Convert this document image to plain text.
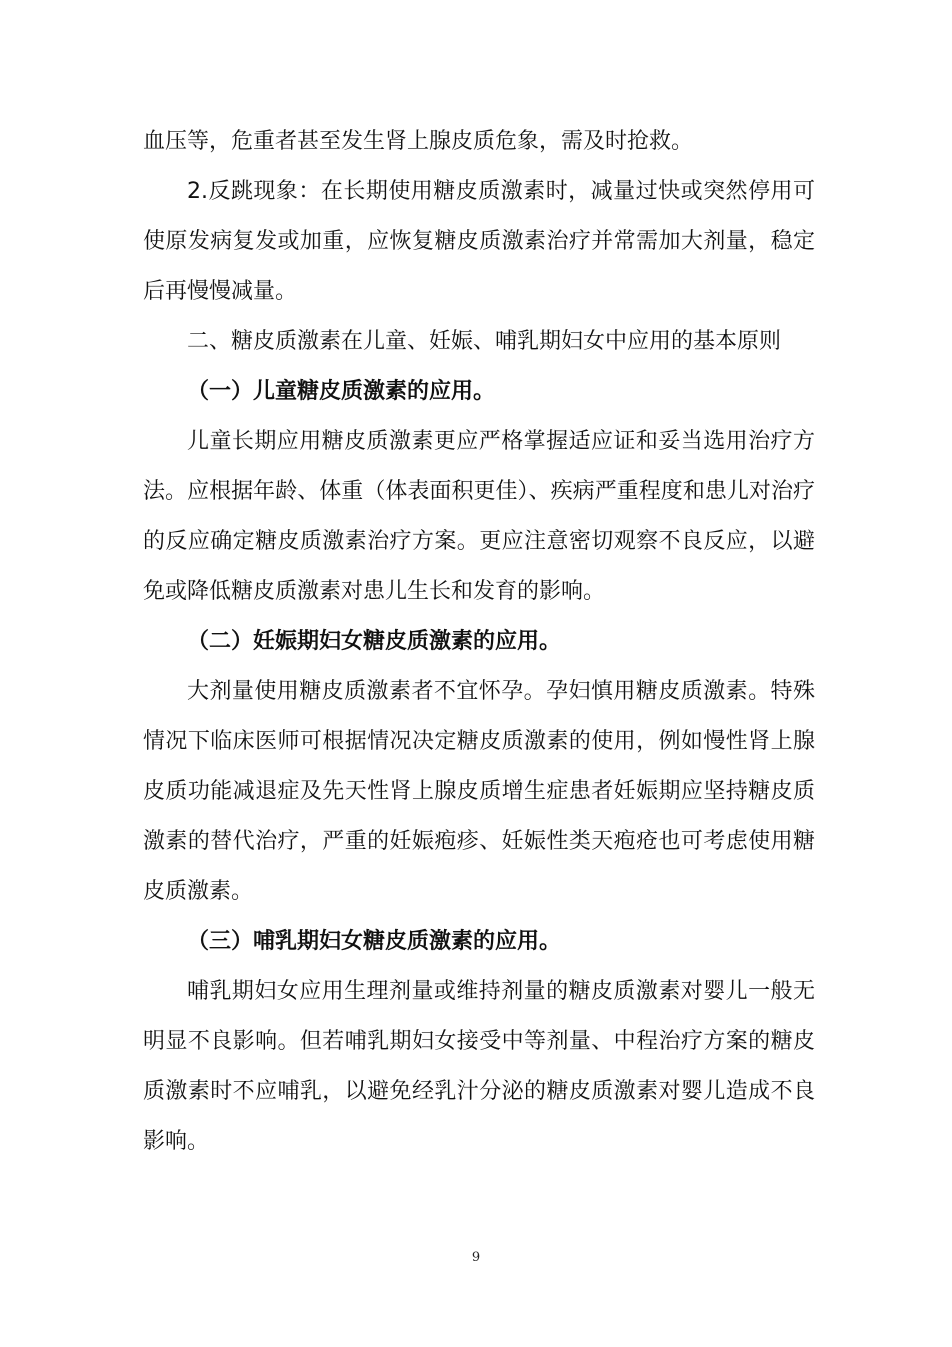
血压等，危重者甚至发生肾上腺皮质危象，需及时抢救。

2.反跳现象：在长期使用糖皮质激素时，减量过快或突然停用可使原发病复发或加重，应恢复糖皮质激素治疗并常需加大剂量，稳定后再慢慢减量。

二、糖皮质激素在儿童、妊娠、哺乳期妇女中应用的基本原则

（一）儿童糖皮质激素的应用。

儿童长期应用糖皮质激素更应严格掌握适应证和妥当选用治疗方法。应根据年龄、体重（体表面积更佳）、疾病严重程度和患儿对治疗的反应确定糖皮质激素治疗方案。更应注意密切观察不良反应，以避免或降低糖皮质激素对患儿生长和发育的影响。

（二）妊娠期妇女糖皮质激素的应用。

大剂量使用糖皮质激素者不宜怀孕。孕妇慎用糖皮质激素。特殊情况下临床医师可根据情况决定糖皮质激素的使用，例如慢性肾上腺皮质功能减退症及先天性肾上腺皮质增生症患者妊娠期应坚持糖皮质激素的替代治疗，严重的妊娠疱疹、妊娠性类天疱疮也可考虑使用糖皮质激素。

（三）哺乳期妇女糖皮质激素的应用。

哺乳期妇女应用生理剂量或维持剂量的糖皮质激素对婴儿一般无明显不良影响。但若哺乳期妇女接受中等剂量、中程治疗方案的糖皮质激素时不应哺乳，以避免经乳汁分泌的糖皮质激素对婴儿造成不良影响。

9
